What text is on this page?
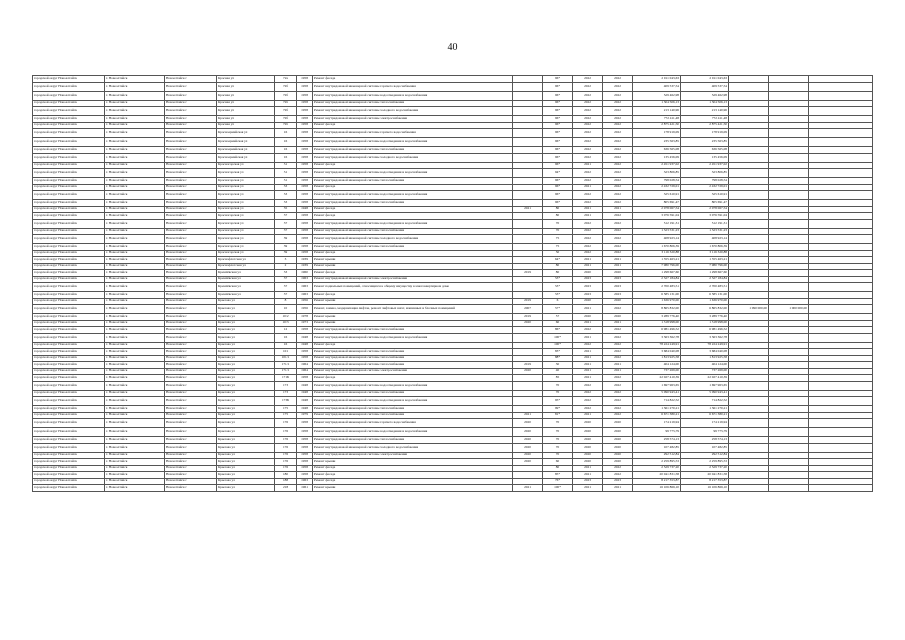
40
городской округ Новоалтайск	г. Новоалтайск	Новоалтайск г	Красная ул	72а	1958	Ремонт фасада		96*	2022	2022	2 011 043,63	2 011 043,63			
городской округ Новоалтайск	г. Новоалтайск	Новоалтайск г	Красная ул	72б	1958	Ремонт внутридомовой инженерной системы горячего водоснабжения		96*	2022	2022	409 537,54	409 537,54			
городской округ Новоалтайск	г. Новоалтайск	Новоалтайск г	Красная ул	72б	1958	Ремонт внутридомовой инженерной системы водоотведения и водоснабжения		96*	2022	2022	529 462,98	529 462,98			
городской округ Новоалтайск	г. Новоалтайск	Новоалтайск г	Красная ул	72б	1958	Ремонт внутридомовой инженерной системы теплоснабжения		96*	2022	2022	1 304 506,13	1 304 506,13			
городской округ Новоалтайск	г. Новоалтайск	Новоалтайск г	Красная ул	72б	1958	Ремонт внутридомовой инженерной системы холодного водоснабжения		96*	2022	2022	213 140,96	213 140,96			
городской округ Новоалтайск	г. Новоалтайск	Новоалтайск г	Красная ул	72б	1958	Ремонт внутридомовой инженерной системы электроснабжения		96*	2022	2022	772 411,48	772 411,48			
городской округ Новоалтайск	г. Новоалтайск	Новоалтайск г	Красная ул	72б	1958	Ремонт фасада		96*	2022	2022	2 875 421,50	2 875 421,50			
городской округ Новоалтайск	г. Новоалтайск	Новоалтайск г	Красноармейская ул	16	1958	Ремонт внутридомовой инженерной системы горячего водоснабжения		96*	2022	2022	178 919,09	178 919,09			
городской округ Новоалтайск	г. Новоалтайск	Новоалтайск г	Красноармейская ул	16	1958	Ремонт внутридомовой инженерной системы водоотведения и водоснабжения		96*	2022	2022	235 563,85	235 563,85			
городской округ Новоалтайск	г. Новоалтайск	Новоалтайск г	Красноармейская ул	16	1958	Ремонт внутридомовой инженерной системы теплоснабжения		96*	2022	2022	636 565,08	636 565,08			
городской округ Новоалтайск	г. Новоалтайск	Новоалтайск г	Красноармейская ул	16	1958	Ремонт внутридомовой инженерной системы холодного водоснабжения		96*	2022	2022	135 456,09	135 456,09			
городской округ Новоалтайск	г. Новоалтайск	Новоалтайск г	Красногорская ул	31	1958	Ремонт фасада		96*	2021	2022	2 451 937,02	2 451 937,02			
городской округ Новоалтайск	г. Новоалтайск	Новоалтайск г	Красногорская ул	31	1958	Ремонт внутридомовой инженерной системы водоотведения и водоснабжения		94*	2022	2022	323 806,85	323 806,85			
городской округ Новоалтайск	г. Новоалтайск	Новоалтайск г	Красногорская ул	31	1958	Ремонт внутридомовой инженерной системы теплоснабжения		96*	2022	2022	798 028,54	798 028,54			
городской округ Новоалтайск	г. Новоалтайск	Новоалтайск г	Красногорская ул	33	1958	Ремонт фасада		96*	2021	2022	2 432 729,01	2 432 729,01			
городской округ Новоалтайск	г. Новоалтайск	Новоалтайск г	Красногорская ул	33	1958	Ремонт внутридомовой инженерной системы водоотведения и водоснабжения		96*	2022	2022	325 610,91	325 610,91			
городской округ Новоалтайск	г. Новоалтайск	Новоалтайск г	Красногорская ул	33	1958	Ремонт внутридомовой инженерной системы теплоснабжения		96*	2022	2022	805 691,47	805 691,47			
городской округ Новоалтайск	г. Новоалтайск	Новоалтайск г	Красногорская ул	35	1948	Ремонт фасада	2021	80	2021	2021	2 078 067,54	2 078 067,54			
городской округ Новоалтайск	г. Новоалтайск	Новоалтайск г	Красногорская ул	37	1958	Ремонт фасада		80	2021	2022	3 076 591,04	3 076 591,04			
городской округ Новоалтайск	г. Новоалтайск	Новоалтайск г	Красногорская ул	37	1958	Ремонт внутридомовой инженерной системы водоотведения и водоснабжения		70	2022	2022	512 191,31	512 191,31			
городской округ Новоалтайск	г. Новоалтайск	Новоалтайск г	Красногорская ул	37	1958	Ремонт внутридомовой инженерной системы теплоснабжения		70	2022	2022	1 323 531,23	1 323 531,23			
городской округ Новоалтайск	г. Новоалтайск	Новоалтайск г	Красногорская ул	39	1958	Ремонт внутридомовой инженерной системы холодного водоснабжения		75	2022	2022	408 923,14	408 923,14			
городской округ Новоалтайск	г. Новоалтайск	Новоалтайск г	Красногорская ул	39	1958	Ремонт внутридомовой инженерной системы теплоснабжения		75	2022	2022	1 670 806,39	1 670 806,39			
городской округ Новоалтайск	г. Новоалтайск	Новоалтайск г	Красногорская ул	39	1958	Ремонт фасада		50	2022	2022	3 116 320,88	3 116 320,88			
городской округ Новоалтайск	г. Новоалтайск	Новоалтайск г	Краснофлотская ул	3	1939	Ремонт крыши		64*	2021	2021	1 355 463,21	1 355 463,21			
городской округ Новоалтайск	г. Новоалтайск	Новоалтайск г	Краснофлотская ул	2	1939	Ремонт крыши		80	2021	2021	7 980 796,00	7 980 796,00			
городской округ Новоалтайск	г. Новоалтайск	Новоалтайск г	Кремлёвская ул	33	1960	Ремонт фасада	2019	80	2020	2020	1 298 667,60	1 298 667,60			
городской округ Новоалтайск	г. Новоалтайск	Новоалтайск г	Кремлёвская ул	37	1963	Ремонт внутридомовой инженерной системы электроснабжения		53*	2023	2023	2 327 184,84	2 327 184,84			
городской округ Новоалтайск	г. Новоалтайск	Новоалтайск г	Кремлёвская ул	37	1963	Ремонт подвальных помещений, относящихся к общему имуществу в многоквартирном доме		53*	2023	2023	2 700 483,51	2 700 483,51			
городской округ Новоалтайск	г. Новоалтайск	Новоалтайск г	Кремлёвская ул	37	1963	Ремонт фасада		53*	2023	2023	6 585 131,00	6 585 131,00			
городской округ Новоалтайск	г. Новоалтайск	Новоалтайск г	Крылова ул	8	1956	Ремонт крыши	2019	6	2020	2020	1 636 970,00	1 636 970,00			
городской округ Новоалтайск	г. Новоалтайск	Новоалтайск г	Крылова ул	10	1956	Ремонт, замена, модернизация лифтов, ремонт лифтовых шахт, машинных и блочных помещений	2007	57*	2021	2022	8 865 832,00	6 865 832,00	1 090 000,00	1 000 000,00	
городской округ Новоалтайск	г. Новоалтайск	Новоалтайск г	Крылова ул	10/2	1978	Ремонт крыши	2019	57	2020	2020	3 289 776,40	3 289 776,40			
городской округ Новоалтайск	г. Новоалтайск	Новоалтайск г	Крылова ул	10/3	1973	Ремонт крыши	2020	60	2021	2021	1 318 998,00	1 318 998,00			
городской округ Новоалтайск	г. Новоалтайск	Новоалтайск г	Крылова ул	12	1958	Ремонт внутридомовой инженерной системы теплоснабжения		86*	2022	2022	6 981 496,52	6 981 496,52			
городской округ Новоалтайск	г. Новоалтайск	Новоалтайск г	Крылова ул	16	1948	Ремонт внутридомовой инженерной системы водоотведения и водоснабжения		100*	2021	2022	3 363 362,78	3 363 362,78			
городской округ Новоалтайск	г. Новоалтайск	Новоалтайск г	Крылова ул	16	1948	Ремонт фасада		100*	2022	2022	78 224 249,91	78 224 249,91			
городской округ Новоалтайск	г. Новоалтайск	Новоалтайск г	Крылова ул	101	1958	Ремонт внутридомовой инженерной системы теплоснабжения		83*	2021	2022	3 684 040,08	3 684 040,08			
городской округ Новоалтайск	г. Новоалтайск	Новоалтайск г	Крылова ул	101/1	1958	Ремонт внутридомовой инженерной системы теплоснабжения		88*	2021	2022	1 813 925,58	1 813 925,58			
городской округ Новоалтайск	г. Новоалтайск	Новоалтайск г	Крылова ул	171/1	1964	Ремонт внутридомовой инженерной системы теплоснабжения	2019	30	2021	2021	404 124,00	404 124,00			
городской округ Новоалтайск	г. Новоалтайск	Новоалтайск г	Крылова ул	171/1	1964	Ремонт внутридомовой инженерной системы электроснабжения	2020	40	2021	2021	737 269,00	737 269,00			
городской округ Новоалтайск	г. Новоалтайск	Новоалтайск г	Крылова ул	171Б	1958	Ремонт фасада		85	2021	2022	22 027 410,39	22 027 410,39			
городской округ Новоалтайск	г. Новоалтайск	Новоалтайск г	Крылова ул	173	1948	Ремонт внутридомовой инженерной системы водоотведения и водоснабжения		70	2022	2022	1 697 963,65	1 697 963,65			
городской округ Новоалтайск	г. Новоалтайск	Новоалтайск г	Крылова ул	173	1948	Ремонт внутридомовой инженерной системы теплоснабжения		70	2022	2022	5 090 943,41	5 090 943,41			
городской округ Новоалтайск	г. Новоалтайск	Новоалтайск г	Крылова ул	173Б	1948	Ремонт внутридомовой инженерной системы водоотведения и водоснабжения		95*	2022	2022	714 822,52	714 822,52			
городской округ Новоалтайск	г. Новоалтайск	Новоалтайск г	Крылова ул	175	1948	Ремонт внутридомовой инженерной системы теплоснабжения		99*	2022	2022	1 361 270,21	1 361 270,21			
городской округ Новоалтайск	г. Новоалтайск	Новоалтайск г	Крылова ул	175	1979	Ремонт внутридомовой инженерной системы теплоснабжения	2021	81*	2021	2022	6 671 380,21	6 671 380,21			
городской округ Новоалтайск	г. Новоалтайск	Новоалтайск г	Крылова ул	176	1958	Ремонт внутридомовой инженерной системы горячего водоснабжения	2020	70	2020	2020	174 219,94	174 219,94			
городской округ Новоалтайск	г. Новоалтайск	Новоалтайск г	Крылова ул	176	1958	Ремонт внутридомовой инженерной системы водоотведения и водоснабжения	2020	70	2020	2020	99 775,79	99 775,79			
городской округ Новоалтайск	г. Новоалтайск	Новоалтайск г	Крылова ул	176	1958	Ремонт внутридомовой инженерной системы теплоснабжения	2020	70	2020	2020	258 574,13	258 574,13			
городской округ Новоалтайск	г. Новоалтайск	Новоалтайск г	Крылова ул	176	1958	Ремонт внутридомовой инженерной системы холодного водоснабжения	2020	70	2020	2020	107 482,85	107 482,85			
городской округ Новоалтайск	г. Новоалтайск	Новоалтайск г	Крылова ул	176	1958	Ремонт внутридомовой инженерной системы электроснабжения	2020	70	2020	2020	292 512,84	292 512,84			
городской округ Новоалтайск	г. Новоалтайск	Новоалтайск г	Крылова ул	176	1958	Ремонт крыши	2020	60	2020	2020	2 259 895,53	2 259 895,53			
городской округ Новоалтайск	г. Новоалтайск	Новоалтайск г	Крылова ул	176	1958	Ремонт фасада		80	2021	2022	2 529 737,20	2 529 737,20			
городской округ Новоалтайск	г. Новоалтайск	Новоалтайск г	Крылова ул	180	1958	Ремонт фасада		85*	2021	2022	20 041 831,58	20 041 831,58			
городской округ Новоалтайск	г. Новоалтайск	Новоалтайск г	Крылова ул	188	1963	Ремонт фасада		76*	2023	2023	8 217 353,87	8 217 353,87			
городской округ Новоалтайск	г. Новоалтайск	Новоалтайск г	Крылова ул	218	1961	Ремонт крыши	2021	100*	2021	2021	16 106 866,10	16 106 866,10			
